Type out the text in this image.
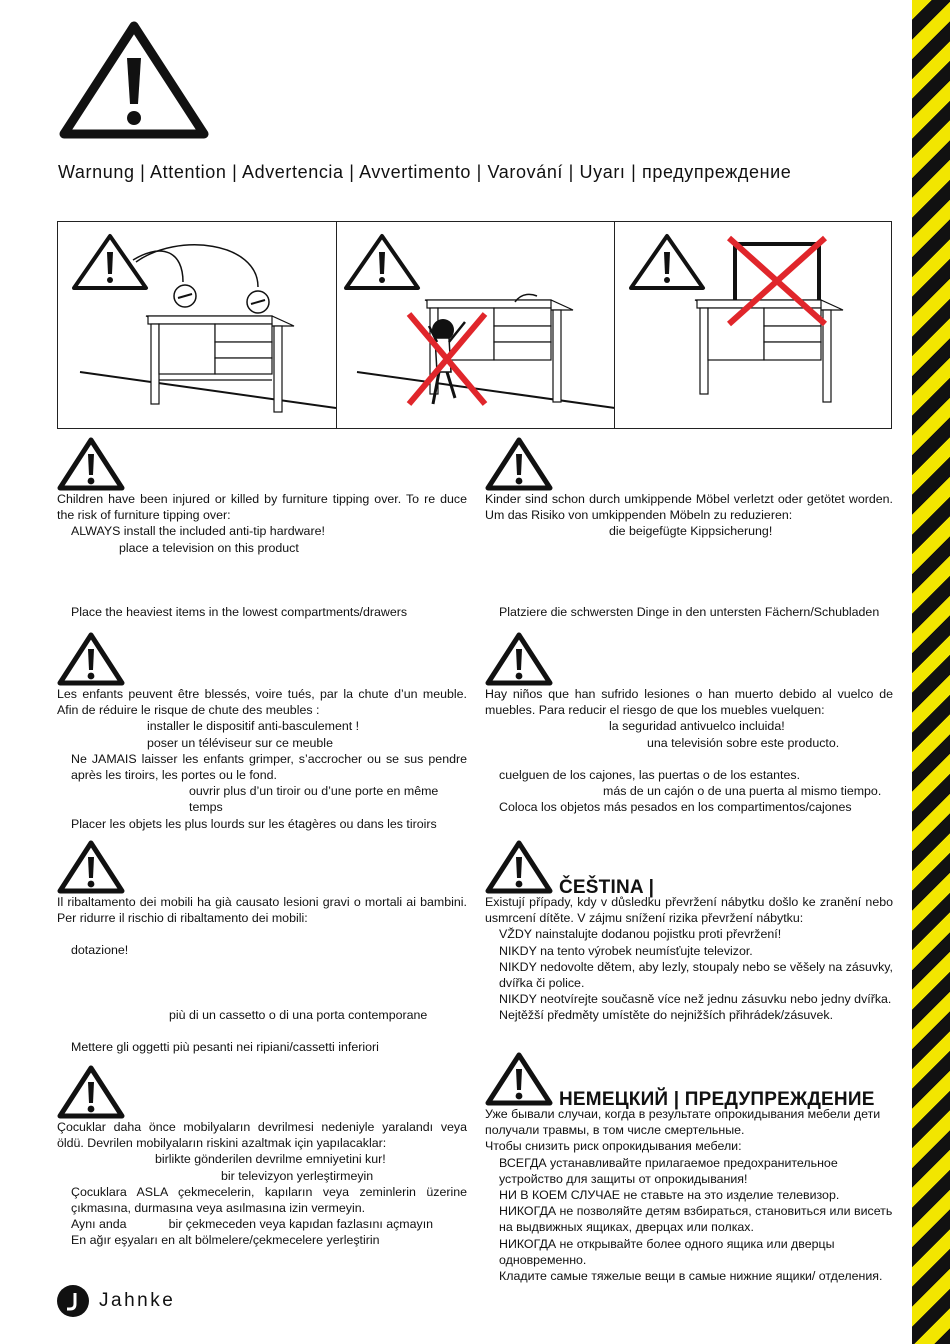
Warnung | Attention | Advertencia | Avvertimento | Varování | Uyarı | предупреждение

Children have been injured or killed by furniture tipping over. To re duce the risk of furniture tipping over:

ALWAYS install the included anti-tip hardware!

place a television on this product

Place the heaviest items in the lowest compartments/drawers

Kinder sind schon durch umkippende Möbel verletzt oder getötet worden. Um das Risiko von umkippenden Möbeln zu reduzieren:

die beigefügte Kippsicherung!

Platziere die schwersten Dinge in den untersten Fächern/Schubladen

Les enfants peuvent être blessés, voire tués, par la chute d’un meuble. Afin de réduire le risque de chute des meubles :

installer le dispositif anti-basculement !

poser un téléviseur sur ce meuble

Ne JAMAIS laisser les enfants grimper, s’accrocher ou se sus pendre après les tiroirs, les portes ou le fond.

ouvrir plus d’un tiroir ou d’une porte en même temps

Placer les objets les plus lourds sur les étagères ou dans les tiroirs

Hay niños que han sufrido lesiones o han muerto debido al vuelco de muebles. Para reducir el riesgo de que los muebles vuelquen:

la seguridad antivuelco incluida!

una televisión sobre este producto.

cuelguen de los cajones, las puertas o de los estantes.

más de un cajón o de una puerta al mismo tiempo.

Coloca los objetos más pesados en los compartimentos/cajones

Il ribaltamento dei mobili ha già causato lesioni gravi o mortali ai bambini. Per ridurre il rischio di ribaltamento dei mobili:

dotazione!

più di un cassetto o di una porta contemporane

Mettere gli oggetti più pesanti nei ripiani/cassetti inferiori

ČEŠTINA |

Existují případy, kdy v důsledku převržení nábytku došlo ke zranění nebo usmrcení dítěte. V zájmu snížení rizika převržení nábytku:

VŽDY nainstalujte dodanou pojistku proti převržení!

NIKDY na tento výrobek neumísťujte televizor.

NIKDY nedovolte dětem, aby lezly, stoupaly nebo se věšely na zásuvky, dvířka či police.

NIKDY neotvírejte současně více než jednu zásuvku nebo jedny dvířka.

Nejtěžší předměty umístěte do nejnižších přihrádek/zásuvek.

Çocuklar daha önce mobilyaların devrilmesi nedeniyle yaralandı veya öldü. Devrilen mobilyaların riskini azaltmak için yapılacaklar:

birlikte gönderilen devrilme emniyetini kur!

bir televizyon yerleştirmeyin

Çocuklara ASLA çekmecelerin, kapıların veya zeminlerin üzerine çıkmasına, durmasına veya asılmasına izin vermeyin.

Aynı anda	bir çekmeceden veya kapıdan fazlasını açmayın

En ağır eşyaları en alt bölmelere/çekmecelere yerleştirin

НЕМЕЦКИЙ | ПРЕДУПРЕЖДЕНИЕ

Уже бывали случаи, когда в результате опрокидывания мебели дети получали травмы, в том числе смертельные.

Чтобы снизить риск опрокидывания мебели:

ВСЕГДА устанавливайте прилагаемое предохранительное устройство для защиты от опрокидывания!

НИ В КОЕМ СЛУЧАЕ не ставьте на это изделие телевизор.

НИКОГДА не позволяйте детям взбираться, становиться или висеть на выдвижных ящиках, дверцах или полках.

НИКОГДА не открывайте более одного ящика или дверцы одновременно.

Кладите самые тяжелые вещи в самые нижние ящики/ отделения.

Jahnke
